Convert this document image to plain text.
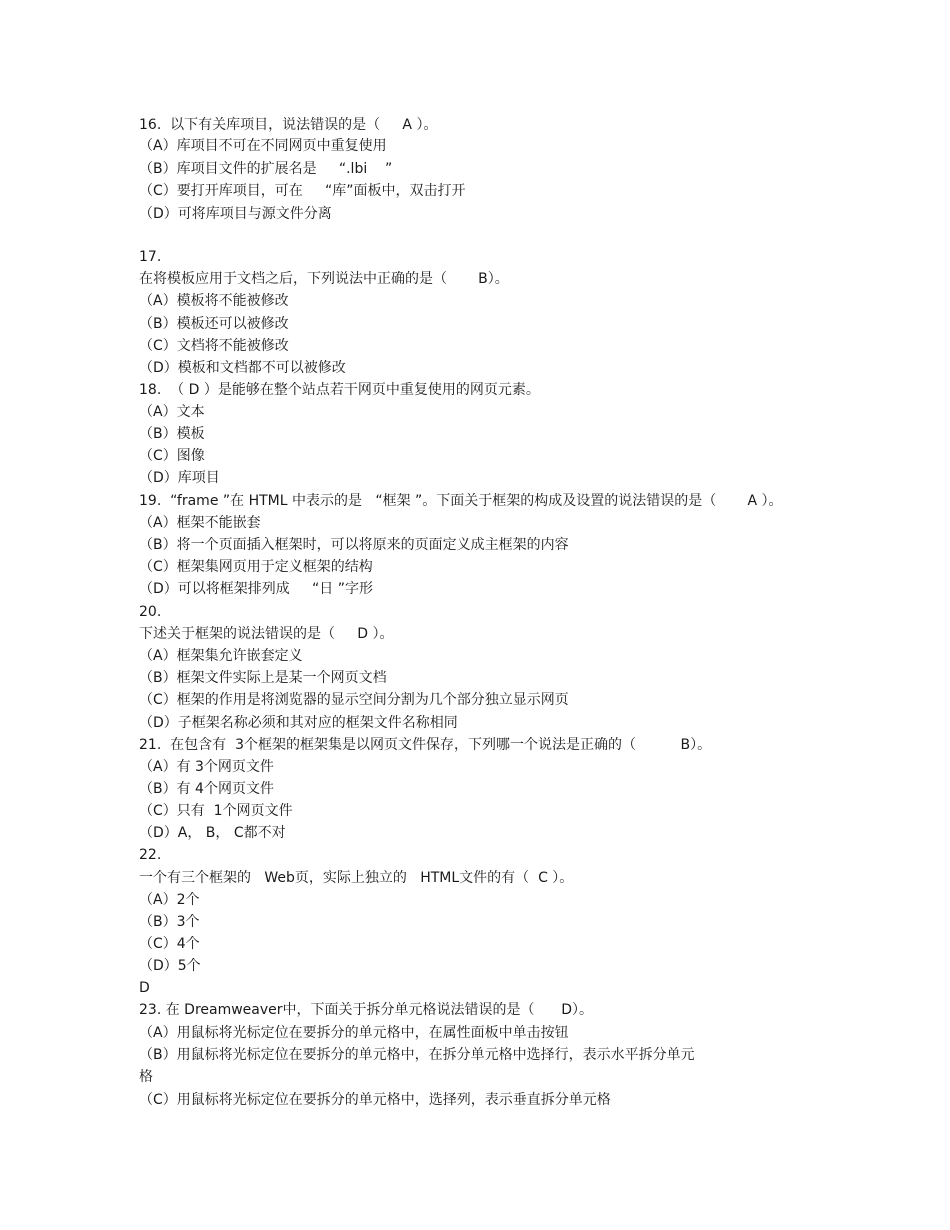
16.  以下有关库项目，说法错误的是（     A ）。
（A）库项目不可在不同网页中重复使用
（B）库项目文件的扩展名是     “.lbi    ”
（C）要打开库项目，可在     “库”面板中，双击打开
（D）可将库项目与源文件分离
17.
在将模板应用于文档之后，下列说法中正确的是（       B）。
（A）模板将不能被修改
（B）模板还可以被修改
（C）文档将不能被修改
（D）模板和文档都不可以被修改
18.  （ D ）是能够在整个站点若干网页中重复使用的网页元素。
（A）文本
（B）模板
（C）图像
（D）库项目
19.  “frame ”在 HTML 中表示的是   “框架 ”。下面关于框架的构成及设置的说法错误的是（       A ）。
（A）框架不能嵌套
（B）将一个页面插入框架时，可以将原来的页面定义成主框架的内容
（C）框架集网页用于定义框架的结构
（D）可以将框架排列成     “日 ”字形
20.
下述关于框架的说法错误的是（     D ）。
（A）框架集允许嵌套定义
（B）框架文件实际上是某一个网页文档
（C）框架的作用是将浏览器的显示空间分割为几个部分独立显示网页
（D）子框架名称必须和其对应的框架文件名称相同
21.  在包含有  3个框架的框架集是以网页文件保存，下列哪一个说法是正确的（          B）。
（A）有 3个网页文件
（B）有 4个网页文件
（C）只有  1个网页文件
（D）A， B， C都不对
22.
一个有三个框架的   Web页，实际上独立的   HTML文件的有（  C ）。
（A）2个
（B）3个
（C）4个
（D）5个
D
23. 在 Dreamweaver中，下面关于拆分单元格说法错误的是（      D）。
（A）用鼠标将光标定位在要拆分的单元格中，在属性面板中单击按钮
（B）用鼠标将光标定位在要拆分的单元格中，在拆分单元格中选择行，表示水平拆分单元
格
（C）用鼠标将光标定位在要拆分的单元格中，选择列，表示垂直拆分单元格
